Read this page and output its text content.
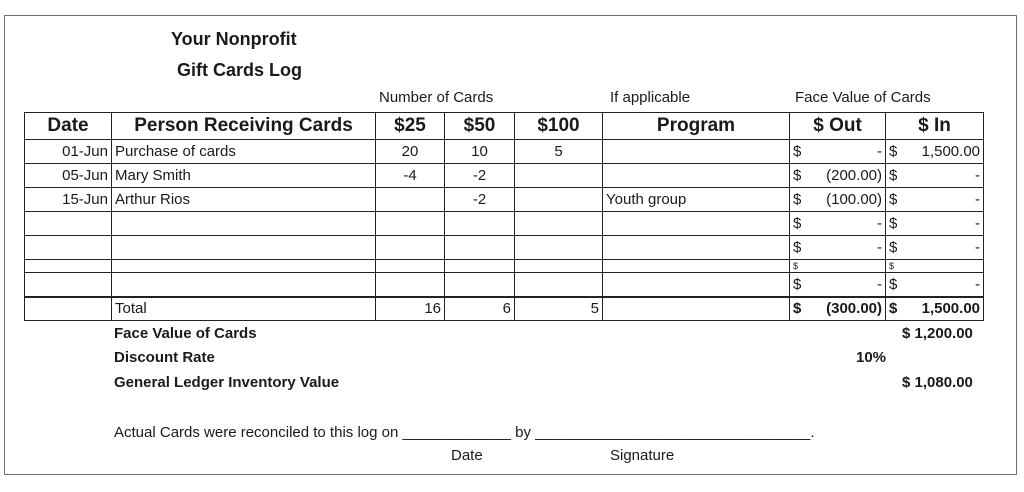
Your Nonprofit
Gift Cards Log
Number of Cards	If applicable	Face Value of Cards
Date	Person Receiving Cards	$25	$50	$100	Program	$ Out	$ In
01-Jun	Purchase of cards	20	10	5		$ -	$ 1,500.00

05-Jun	Mary Smith	-4	-2			$ (200.00)	$ -

15-Jun	Arthur Rios		-2		Youth group	$ (100.00)	$ -

						$ -	$ -

						$ -	$ -

						$	$

						$ -	$ -

	Total	16	6	5		$ (300.00)	$ 1,500.00
Face Value of Cards	$ 1,200.00
Discount Rate	10%
General Ledger Inventory Value	$ 1,080.00
Actual Cards were reconciled to this log on _____________ by _________________________________.
Date	Signature
